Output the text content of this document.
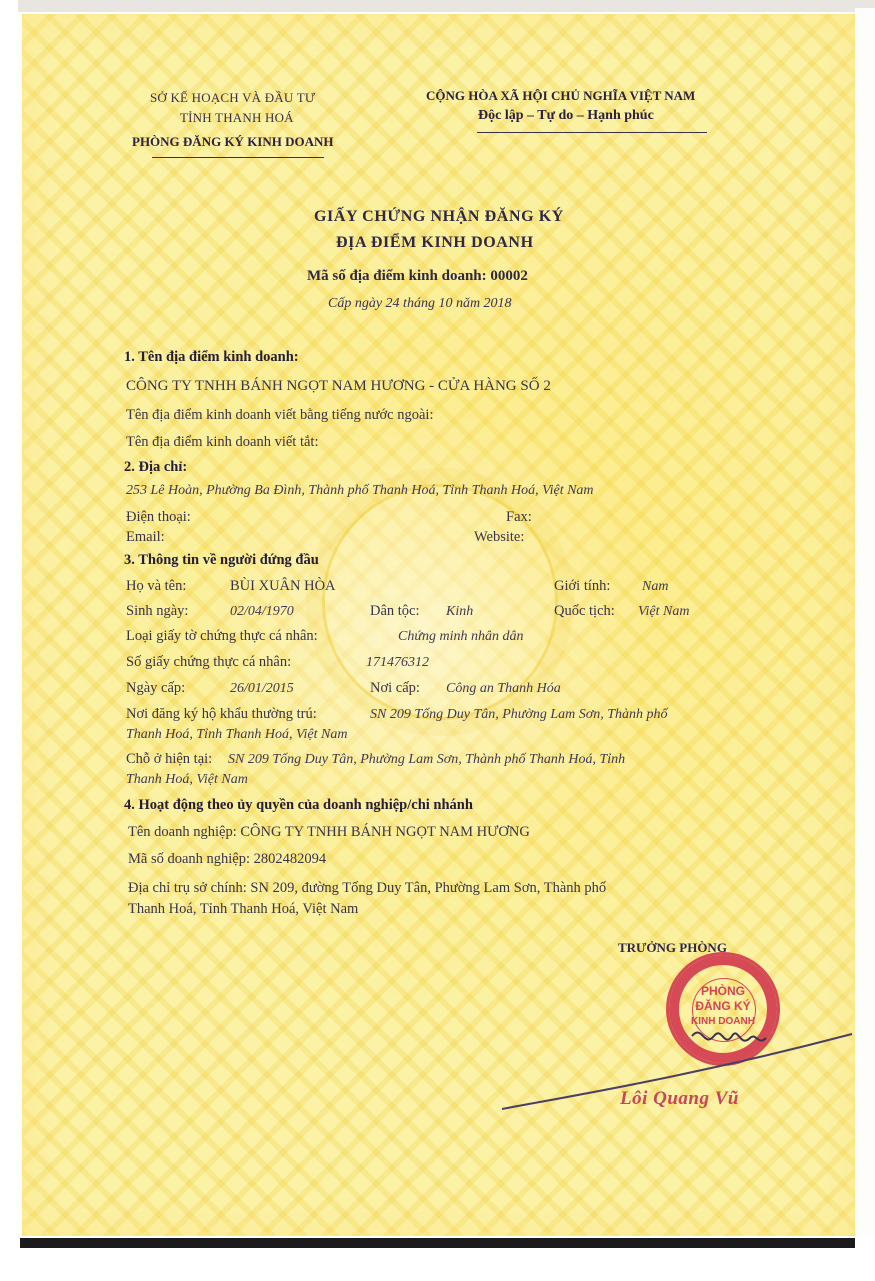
SỞ KẾ HOẠCH VÀ ĐẦU TƯ
TỈNH THANH HOÁ
PHÒNG ĐĂNG KÝ KINH DOANH
CỘNG HÒA XÃ HỘI CHỦ NGHĨA VIỆT NAM
Độc lập – Tự do – Hạnh phúc
GIẤY CHỨNG NHẬN ĐĂNG KÝ
ĐỊA ĐIỂM KINH DOANH
Mã số địa điểm kinh doanh: 00002
Cấp ngày 24 tháng 10 năm 2018
1. Tên địa điểm kinh doanh:
CÔNG TY TNHH BÁNH NGỌT NAM HƯƠNG - CỬA HÀNG SỐ 2
Tên địa điểm kinh doanh viết bằng tiếng nước ngoài:
Tên địa điểm kinh doanh viết tắt:
2. Địa chỉ:
253 Lê Hoàn, Phường Ba Đình, Thành phố Thanh Hoá, Tỉnh Thanh Hoá, Việt Nam
Điện thoại:	Fax:
Email:	Website:
3. Thông tin về người đứng đầu
Họ và tên:	BÙI XUÂN HÒA	Giới tính: Nam
Sinh ngày:	02/04/1970	Dân tộc: Kinh	Quốc tịch: Việt Nam
Loại giấy tờ chứng thực cá nhân:	Chứng minh nhân dân
Số giấy chứng thực cá nhân:	171476312
Ngày cấp:	26/01/2015	Nơi cấp: Công an Thanh Hóa
Nơi đăng ký hộ khẩu thường trú:	SN 209 Tống Duy Tân, Phường Lam Sơn, Thành phố
Thanh Hoá, Tỉnh Thanh Hoá, Việt Nam
Chỗ ở hiện tại: SN 209 Tống Duy Tân, Phường Lam Sơn, Thành phố Thanh Hoá, Tỉnh
Thanh Hoá, Việt Nam
4. Hoạt động theo ủy quyền của doanh nghiệp/chi nhánh
Tên doanh nghiệp: CÔNG TY TNHH BÁNH NGỌT NAM HƯƠNG
Mã số doanh nghiệp: 2802482094
Địa chỉ trụ sở chính: SN 209, đường Tống Duy Tân, Phường Lam Sơn, Thành phố
Thanh Hoá, Tỉnh Thanh Hoá, Việt Nam
TRƯỞNG PHÒNG
PHÒNG
ĐĂNG KÝ
KINH DOANH
Lôi Quang Vũ
